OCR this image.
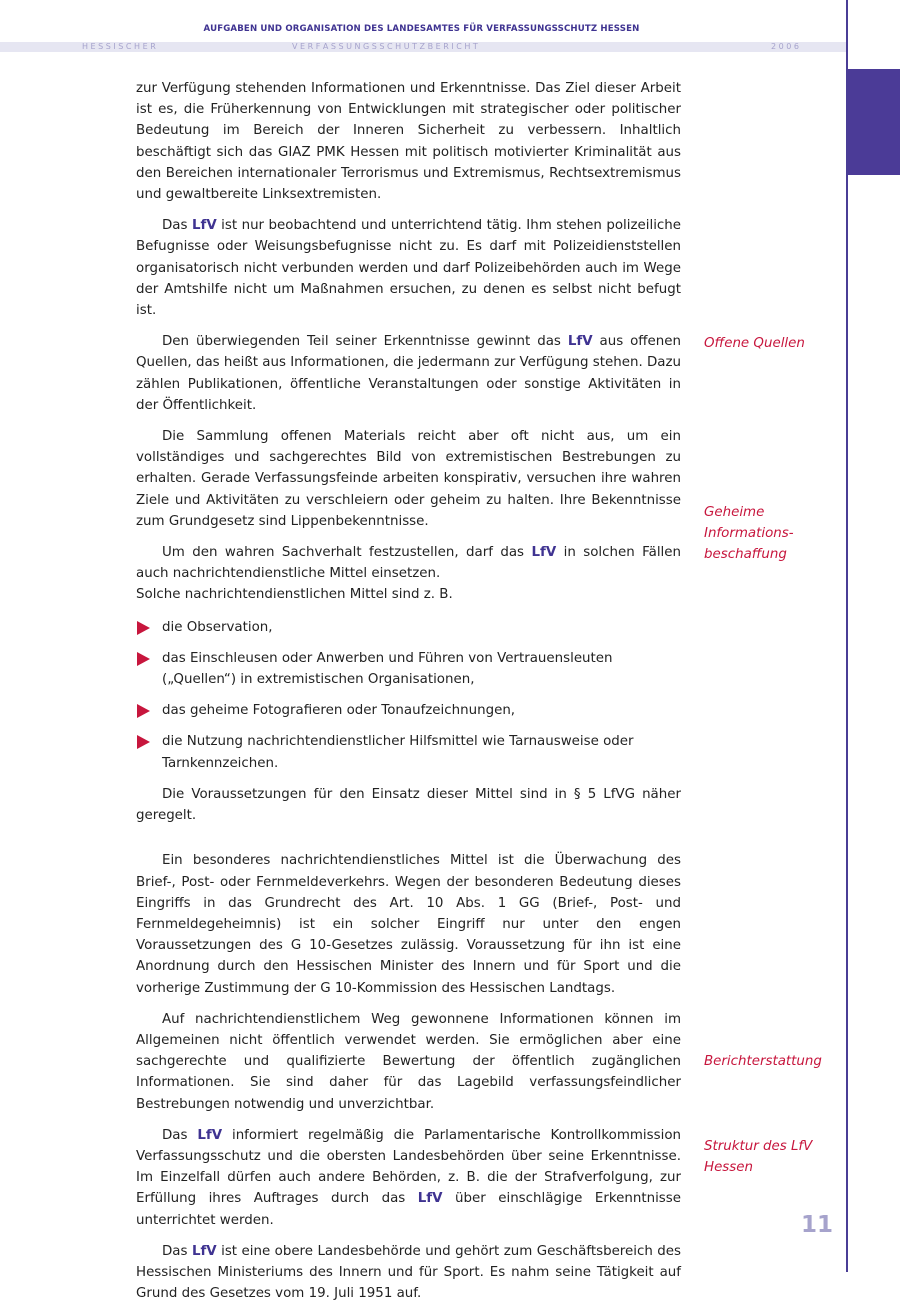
AUFGABEN UND ORGANISATION DES LANDESAMTES FÜR VERFASSUNGSSCHUTZ HESSEN
H E S S I S C H E R	V E R F A S S U N G S S C H U T Z B E R I C H T	2 0 0 6

zur Verfügung stehenden Informationen und Erkenntnisse. Das Ziel dieser Arbeit ist es, die Früherkennung von Entwicklungen mit strategischer oder politischer Bedeutung im Bereich der Inneren Sicherheit zu verbessern. Inhaltlich beschäftigt sich das GIAZ PMK Hessen mit politisch motivierter Kriminalität aus den Bereichen internationaler Terrorismus und Extremismus, Rechtsextremismus und gewaltbereite Linksextremisten.

Das LfV ist nur beobachtend und unterrichtend tätig. Ihm stehen polizeiliche Befugnisse oder Weisungsbefugnisse nicht zu. Es darf mit Polizeidienststellen organisatorisch nicht verbunden werden und darf Polizeibehörden auch im Wege der Amtshilfe nicht um Maßnahmen ersuchen, zu denen es selbst nicht befugt ist.

Den überwiegenden Teil seiner Erkenntnisse gewinnt das LfV aus offenen Quellen, das heißt aus Informationen, die jedermann zur Verfügung stehen. Dazu zählen Publikationen, öffentliche Veranstaltungen oder sonstige Aktivitäten in der Öffentlichkeit.

Die Sammlung offenen Materials reicht aber oft nicht aus, um ein vollständiges und sachgerechtes Bild von extremistischen Bestrebungen zu erhalten. Gerade Verfassungsfeinde arbeiten konspirativ, versuchen ihre wahren Ziele und Aktivitäten zu verschleiern oder geheim zu halten. Ihre Bekenntnisse zum Grundgesetz sind Lippenbekenntnisse.

Um den wahren Sachverhalt festzustellen, darf das LfV in solchen Fällen auch nachrichtendienstliche Mittel einsetzen.

Solche nachrichtendienstlichen Mittel sind z. B.

die Observation,
das Einschleusen oder Anwerben und Führen von Vertrauensleuten („Quellen“) in extremistischen Organisationen,
das geheime Fotografieren oder Tonaufzeichnungen,
die Nutzung nachrichtendienstlicher Hilfsmittel wie Tarnausweise oder Tarnkennzeichen.

Die Voraussetzungen für den Einsatz dieser Mittel sind in § 5 LfVG näher geregelt.

Ein besonderes nachrichtendienstliches Mittel ist die Überwachung des Brief-, Post- oder Fernmeldeverkehrs. Wegen der besonderen Bedeutung dieses Eingriffs in das Grundrecht des Art. 10 Abs. 1 GG (Brief-, Post- und Fernmeldegeheimnis) ist ein solcher Eingriff nur unter den engen Voraussetzungen des G 10-Gesetzes zulässig. Voraussetzung für ihn ist eine Anordnung durch den Hessischen Minister des Innern und für Sport und die vorherige Zustimmung der G 10-Kommission des Hessischen Landtags.

Auf nachrichtendienstlichem Weg gewonnene Informationen können im Allgemeinen nicht öffentlich verwendet werden. Sie ermöglichen aber eine sachgerechte und qualifizierte Bewertung der öffentlich zugänglichen Informationen. Sie sind daher für das Lagebild verfassungsfeindlicher Bestrebungen notwendig und unverzichtbar.

Das LfV informiert regelmäßig die Parlamentarische Kontrollkommission Verfassungsschutz und die obersten Landesbehörden über seine Erkenntnisse. Im Einzelfall dürfen auch andere Behörden, z. B. die der Strafverfolgung, zur Erfüllung ihres Auftrages durch das LfV über einschlägige Erkenntnisse unterrichtet werden.

Das LfV ist eine obere Landesbehörde und gehört zum Geschäftsbereich des Hessischen Ministeriums des Innern und für Sport. Es nahm seine Tätigkeit auf Grund des Gesetzes vom 19. Juli 1951 auf.

Offene Quellen
Geheime
Informations-
beschaffung
Berichterstattung
Struktur des LfV
Hessen
11
